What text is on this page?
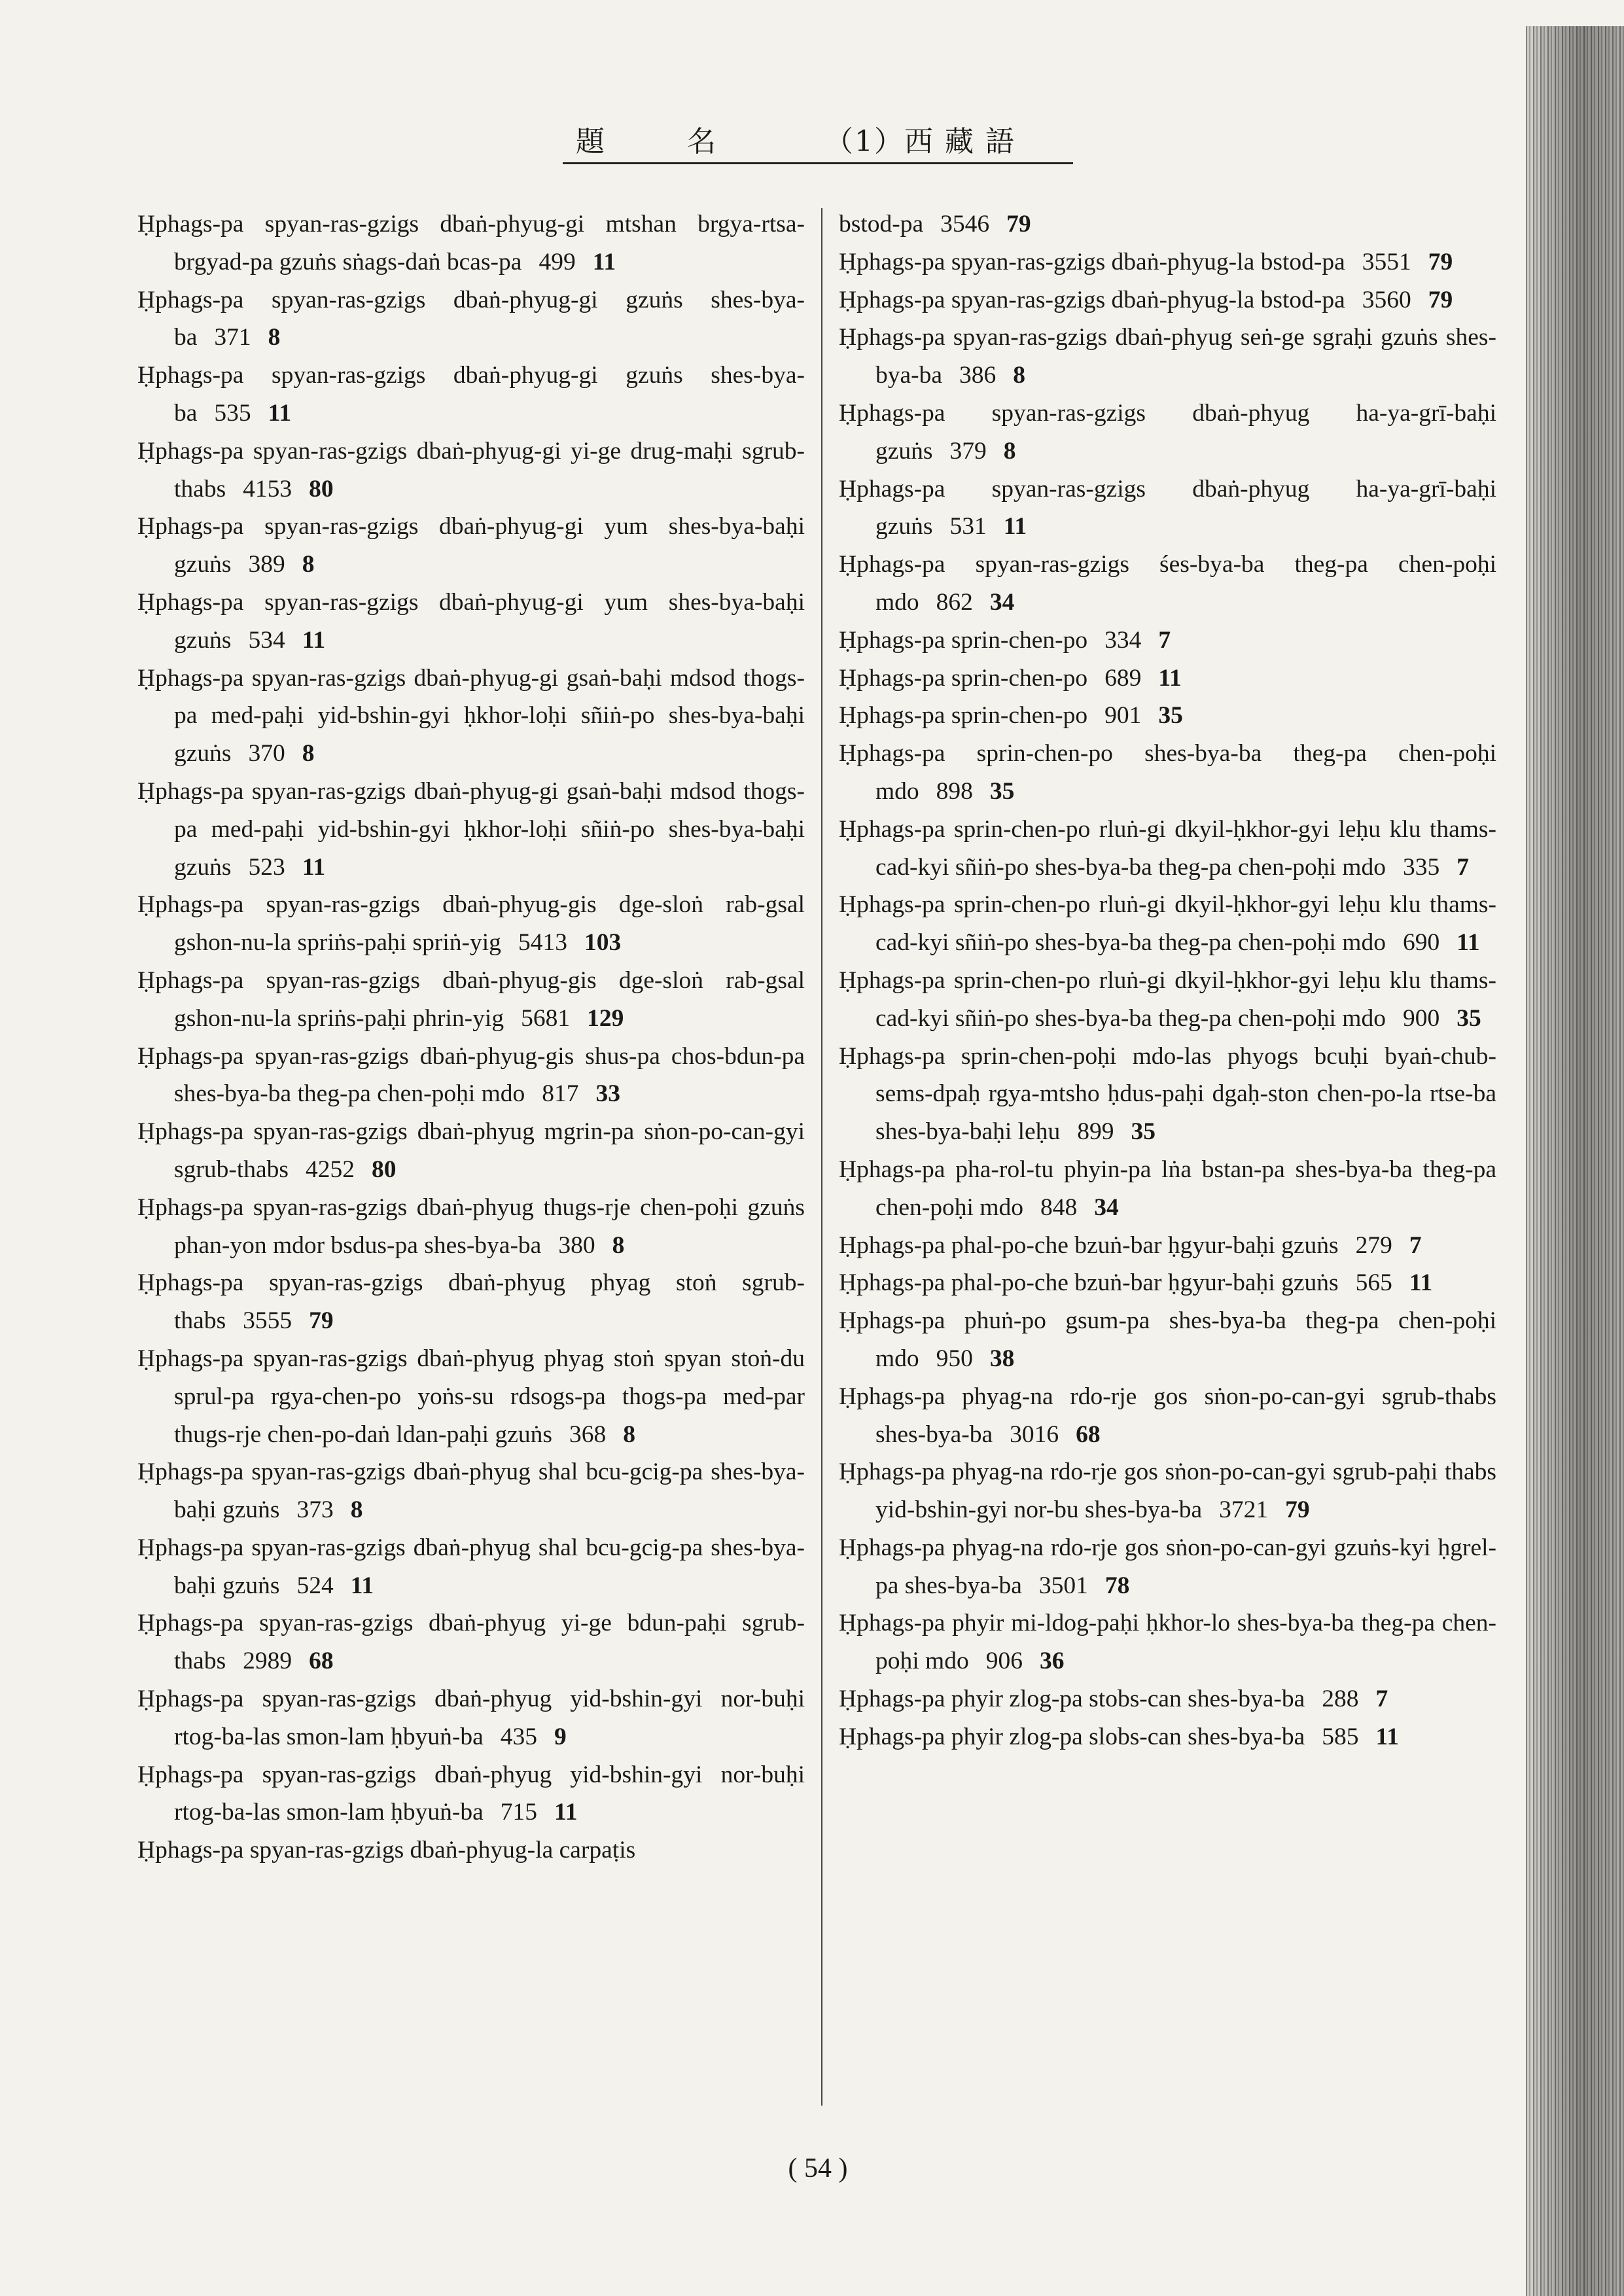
題	名	（1）西 藏 語

Ḥphags-pa spyan-ras-gzigs dbaṅ-phyug-gi mtshan brgya-rtsa-brgyad-pa gzuṅs sṅags-daṅ bcas-pa 499 11

Ḥphags-pa spyan-ras-gzigs dbaṅ-phyug-gi gzuṅs shes-bya-ba 371 8

Ḥphags-pa spyan-ras-gzigs dbaṅ-phyug-gi gzuṅs shes-bya-ba 535 11

Ḥphags-pa spyan-ras-gzigs dbaṅ-phyug-gi yi-ge drug-maḥi sgrub-thabs 4153 80

Ḥphags-pa spyan-ras-gzigs dbaṅ-phyug-gi yum shes-bya-baḥi gzuṅs 389 8

Ḥphags-pa spyan-ras-gzigs dbaṅ-phyug-gi yum shes-bya-baḥi gzuṅs 534 11

Ḥphags-pa spyan-ras-gzigs dbaṅ-phyug-gi gsaṅ-baḥi mdsod thogs-pa med-paḥi yid-bshin-gyi ḥkhor-loḥi sñiṅ-po shes-bya-baḥi gzuṅs 370 8

Ḥphags-pa spyan-ras-gzigs dbaṅ-phyug-gi gsaṅ-baḥi mdsod thogs-pa med-paḥi yid-bshin-gyi ḥkhor-loḥi sñiṅ-po shes-bya-baḥi gzuṅs 523 11

Ḥphags-pa spyan-ras-gzigs dbaṅ-phyug-gis dge-sloṅ rab-gsal gshon-nu-la spriṅs-paḥi spriṅ-yig 5413 103

Ḥphags-pa spyan-ras-gzigs dbaṅ-phyug-gis dge-sloṅ rab-gsal gshon-nu-la spriṅs-paḥi phrin-yig 5681 129

Ḥphags-pa spyan-ras-gzigs dbaṅ-phyug-gis shus-pa chos-bdun-pa shes-bya-ba theg-pa chen-poḥi mdo 817 33

Ḥphags-pa spyan-ras-gzigs dbaṅ-phyug mgrin-pa sṅon-po-can-gyi sgrub-thabs 4252 80

Ḥphags-pa spyan-ras-gzigs dbaṅ-phyug thugs-rje chen-poḥi gzuṅs phan-yon mdor bsdus-pa shes-bya-ba 380 8

Ḥphags-pa spyan-ras-gzigs dbaṅ-phyug phyag stoṅ sgrub-thabs 3555 79

Ḥphags-pa spyan-ras-gzigs dbaṅ-phyug phyag stoṅ spyan stoṅ-du sprul-pa rgya-chen-po yoṅs-su rdsogs-pa thogs-pa med-par thugs-rje chen-po-daṅ ldan-paḥi gzuṅs 368 8

Ḥphags-pa spyan-ras-gzigs dbaṅ-phyug shal bcu-gcig-pa shes-bya-baḥi gzuṅs 373 8

Ḥphags-pa spyan-ras-gzigs dbaṅ-phyug shal bcu-gcig-pa shes-bya-baḥi gzuṅs 524 11

Ḥphags-pa spyan-ras-gzigs dbaṅ-phyug yi-ge bdun-paḥi sgrub-thabs 2989 68

Ḥphags-pa spyan-ras-gzigs dbaṅ-phyug yid-bshin-gyi nor-buḥi rtog-ba-las smon-lam ḥbyuṅ-ba 435 9

Ḥphags-pa spyan-ras-gzigs dbaṅ-phyug yid-bshin-gyi nor-buḥi rtog-ba-las smon-lam ḥbyuṅ-ba 715 11

Ḥphags-pa spyan-ras-gzigs dbaṅ-phyug-la carpaṭis

bstod-pa 3546 79

Ḥphags-pa spyan-ras-gzigs dbaṅ-phyug-la bstod-pa 3551 79

Ḥphags-pa spyan-ras-gzigs dbaṅ-phyug-la bstod-pa 3560 79

Ḥphags-pa spyan-ras-gzigs dbaṅ-phyug seṅ-ge sgraḥi gzuṅs shes-bya-ba 386 8

Ḥphags-pa spyan-ras-gzigs dbaṅ-phyug ha-ya-grī-baḥi gzuṅs 379 8

Ḥphags-pa spyan-ras-gzigs dbaṅ-phyug ha-ya-grī-baḥi gzuṅs 531 11

Ḥphags-pa spyan-ras-gzigs śes-bya-ba theg-pa chen-poḥi mdo 862 34

Ḥphags-pa sprin-chen-po 334 7

Ḥphags-pa sprin-chen-po 689 11

Ḥphags-pa sprin-chen-po 901 35

Ḥphags-pa sprin-chen-po shes-bya-ba theg-pa chen-poḥi mdo 898 35

Ḥphags-pa sprin-chen-po rluṅ-gi dkyil-ḥkhor-gyi leḥu klu thams-cad-kyi sñiṅ-po shes-bya-ba theg-pa chen-poḥi mdo 335 7

Ḥphags-pa sprin-chen-po rluṅ-gi dkyil-ḥkhor-gyi leḥu klu thams-cad-kyi sñiṅ-po shes-bya-ba theg-pa chen-poḥi mdo 690 11

Ḥphags-pa sprin-chen-po rluṅ-gi dkyil-ḥkhor-gyi leḥu klu thams-cad-kyi sñiṅ-po shes-bya-ba theg-pa chen-poḥi mdo 900 35

Ḥphags-pa sprin-chen-poḥi mdo-las phyogs bcuḥi byaṅ-chub-sems-dpaḥ rgya-mtsho ḥdus-paḥi dgaḥ-ston chen-po-la rtse-ba shes-bya-baḥi leḥu 899 35

Ḥphags-pa pha-rol-tu phyin-pa lṅa bstan-pa shes-bya-ba theg-pa chen-poḥi mdo 848 34

Ḥphags-pa phal-po-che bzuṅ-bar ḥgyur-baḥi gzuṅs 279 7

Ḥphags-pa phal-po-che bzuṅ-bar ḥgyur-baḥi gzuṅs 565 11

Ḥphags-pa phuṅ-po gsum-pa shes-bya-ba theg-pa chen-poḥi mdo 950 38

Ḥphags-pa phyag-na rdo-rje gos sṅon-po-can-gyi sgrub-thabs shes-bya-ba 3016 68

Ḥphags-pa phyag-na rdo-rje gos sṅon-po-can-gyi sgrub-paḥi thabs yid-bshin-gyi nor-bu shes-bya-ba 3721 79

Ḥphags-pa phyag-na rdo-rje gos sṅon-po-can-gyi gzuṅs-kyi ḥgrel-pa shes-bya-ba 3501 78

Ḥphags-pa phyir mi-ldog-paḥi ḥkhor-lo shes-bya-ba theg-pa chen-poḥi mdo 906 36

Ḥphags-pa phyir zlog-pa stobs-can shes-bya-ba 288 7

Ḥphags-pa phyir zlog-pa slobs-can shes-bya-ba 585 11

( 54 )
